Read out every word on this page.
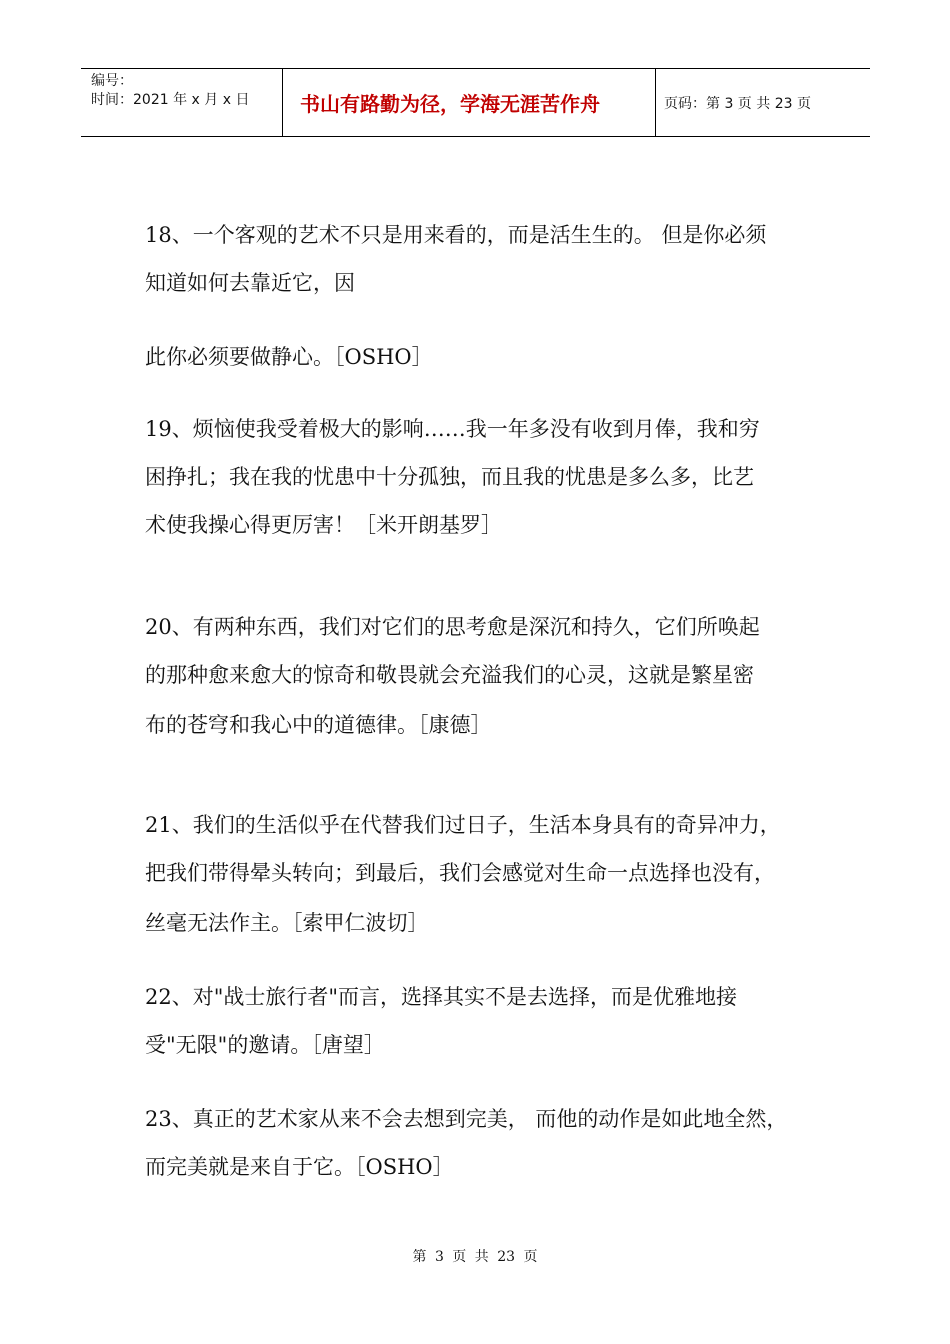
编号：
时间：2021 年 x 月 x 日	书山有路勤为径，学海无涯苦作舟	页码：第 3 页 共 23 页

18、一个客观的艺术不只是用来看的，而是活生生的。 但是你必须

知道如何去靠近它，因

此你必须要做静心。［OSHO］

19、烦恼使我受着极大的影响……我一年多没有收到月俸，我和穷

困挣扎；我在我的忧患中十分孤独，而且我的忧患是多么多，比艺

术使我操心得更厉害！［米开朗基罗］

20、有两种东西，我们对它们的思考愈是深沉和持久，它们所唤起

的那种愈来愈大的惊奇和敬畏就会充溢我们的心灵，这就是繁星密

布的苍穹和我心中的道德律。［康德］

21、我们的生活似乎在代替我们过日子，生活本身具有的奇异冲力，

把我们带得晕头转向；到最后，我们会感觉对生命一点选择也没有，

丝毫无法作主。［索甲仁波切］

22、对"战士旅行者"而言，选择其实不是去选择，而是优雅地接

受"无限"的邀请。［唐望］

23、真正的艺术家从来不会去想到完美， 而他的动作是如此地全然，

而完美就是来自于它。［OSHO］

第 3 页 共 23 页
